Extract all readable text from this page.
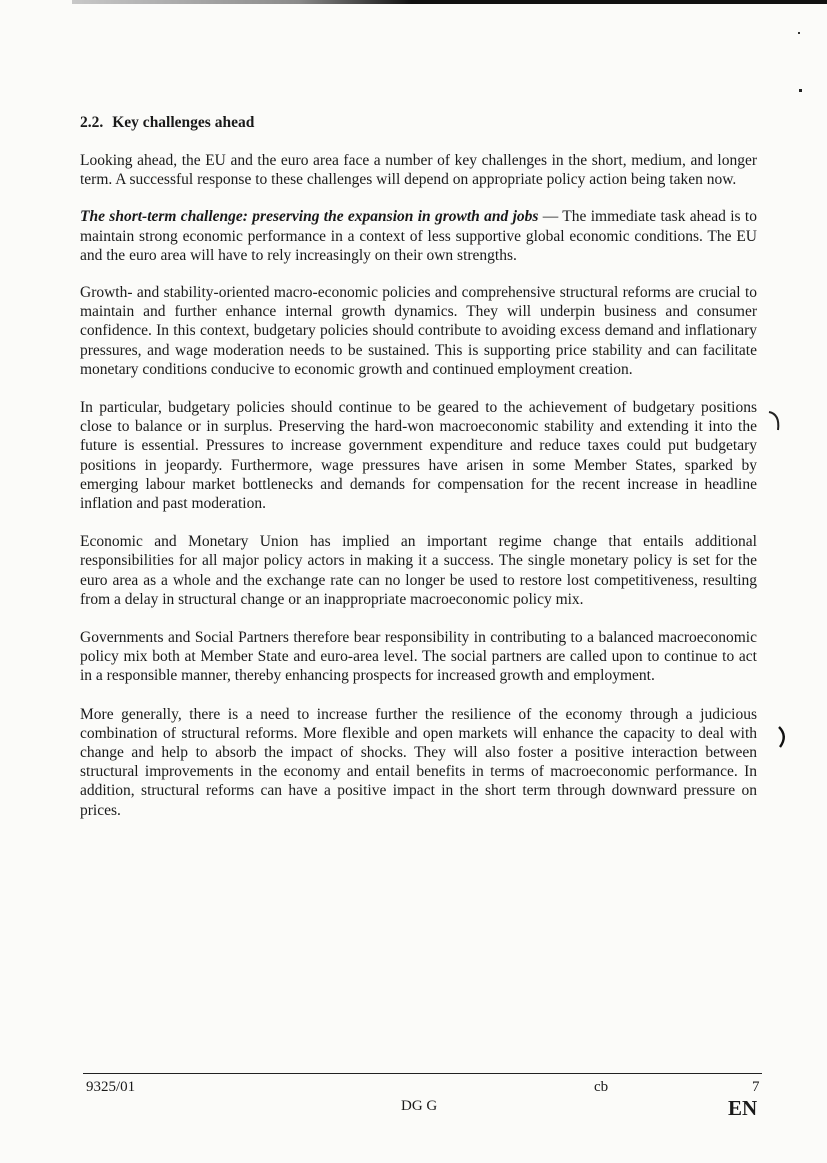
2.2. Key challenges ahead

Looking ahead, the EU and the euro area face a number of key challenges in the short, medium, and longer term. A successful response to these challenges will depend on appropriate policy action being taken now.

The short-term challenge: preserving the expansion in growth and jobs — The immediate task ahead is to maintain strong economic performance in a context of less supportive global economic conditions. The EU and the euro area will have to rely increasingly on their own strengths.

Growth- and stability-oriented macro-economic policies and comprehensive structural reforms are crucial to maintain and further enhance internal growth dynamics. They will underpin business and consumer confidence. In this context, budgetary policies should contribute to avoiding excess demand and inflationary pressures, and wage moderation needs to be sustained. This is supporting price stability and can facilitate monetary conditions conducive to economic growth and continued employment creation.

In particular, budgetary policies should continue to be geared to the achievement of budgetary positions close to balance or in surplus. Preserving the hard-won macroeconomic stability and extending it into the future is essential. Pressures to increase government expenditure and reduce taxes could put budgetary positions in jeopardy. Furthermore, wage pressures have arisen in some Member States, sparked by emerging labour market bottlenecks and demands for compensation for the recent increase in headline inflation and past moderation.

Economic and Monetary Union has implied an important regime change that entails additional responsibilities for all major policy actors in making it a success. The single monetary policy is set for the euro area as a whole and the exchange rate can no longer be used to restore lost competitiveness, resulting from a delay in structural change or an inappropriate macroeconomic policy mix.

Governments and Social Partners therefore bear responsibility in contributing to a balanced macroeconomic policy mix both at Member State and euro-area level. The social partners are called upon to continue to act in a responsible manner, thereby enhancing prospects for increased growth and employment.

More generally, there is a need to increase further the resilience of the economy through a judicious combination of structural reforms. More flexible and open markets will enhance the capacity to deal with change and help to absorb the impact of shocks. They will also foster a positive interaction between structural improvements in the economy and entail benefits in terms of macroeconomic performance. In addition, structural reforms can have a positive impact in the short term through downward pressure on prices.

9325/01	cb	7
DG G	EN
